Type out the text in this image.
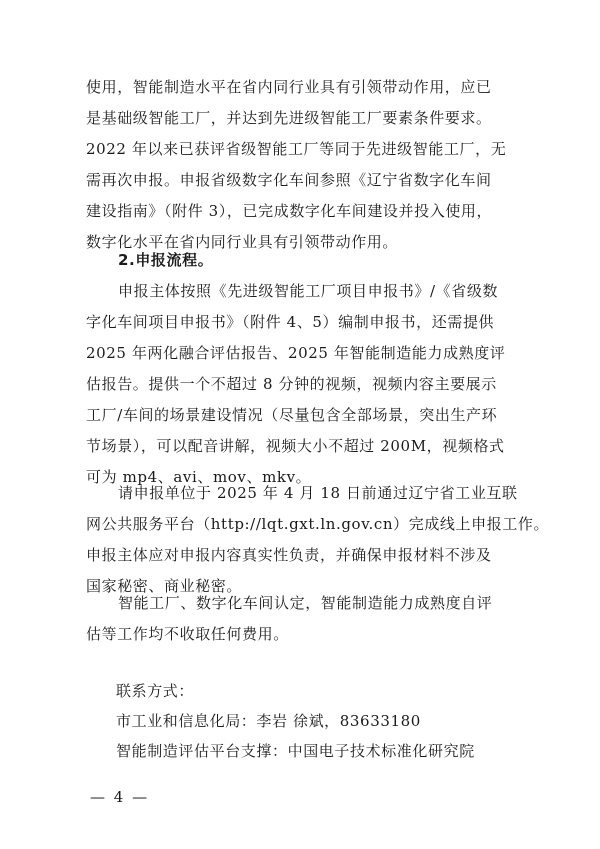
使用，智能制造水平在省内同行业具有引领带动作用，应已
是基础级智能工厂，并达到先进级智能工厂要素条件要求。
2022 年以来已获评省级智能工厂等同于先进级智能工厂，无
需再次申报。申报省级数字化车间参照《辽宁省数字化车间
建设指南》（附件 3），已完成数字化车间建设并投入使用，
数字化水平在省内同行业具有引领带动作用。
2.申报流程。
申报主体按照《先进级智能工厂项目申报书》/《省级数
字化车间项目申报书》（附件 4、5）编制申报书，还需提供
2025 年两化融合评估报告、2025 年智能制造能力成熟度评
估报告。提供一个不超过 8 分钟的视频，视频内容主要展示
工厂/车间的场景建设情况（尽量包含全部场景，突出生产环
节场景），可以配音讲解，视频大小不超过 200M，视频格式
可为 mp4、avi、mov、mkv。
请申报单位于 2025 年 4 月 18 日前通过辽宁省工业互联
网公共服务平台（http://lqt.gxt.ln.gov.cn）完成线上申报工作。
申报主体应对申报内容真实性负责，并确保申报材料不涉及
国家秘密、商业秘密。
智能工厂、数字化车间认定，智能制造能力成熟度自评
估等工作均不收取任何费用。
联系方式：
市工业和信息化局：李岩 徐斌，83633180
智能制造评估平台支撑：中国电子技术标准化研究院
— 4 —
